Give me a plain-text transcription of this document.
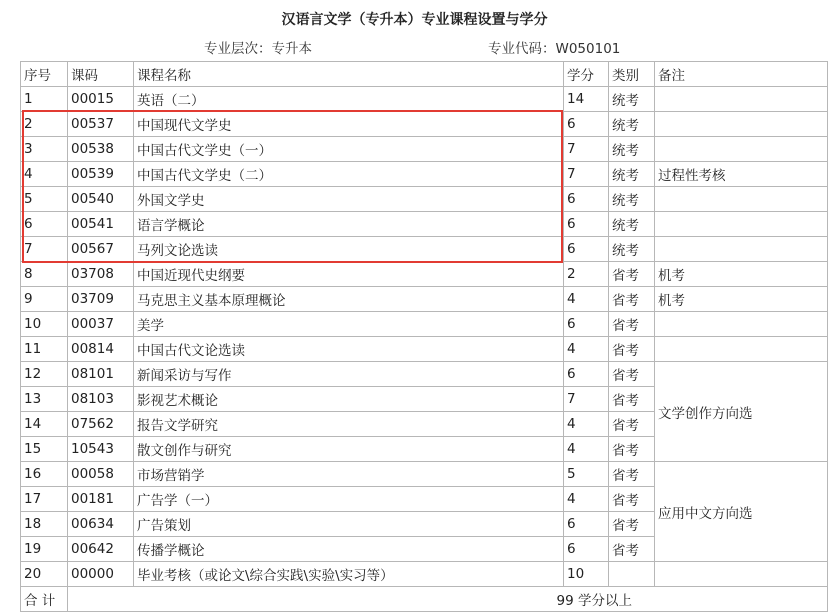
汉语言文学（专升本）专业课程设置与学分
专业层次：专升本	专业代码：W050101
序号	课码	课程名称	学分	类别	备注
1	00015	英语（二）	14	统考	
2	00537	中国现代文学史	6	统考	
3	00538	中国古代文学史（一）	7	统考	
4	00539	中国古代文学史（二）	7	统考	过程性考核
5	00540	外国文学史	6	统考	
6	00541	语言学概论	6	统考	
7	00567	马列文论选读	6	统考	
8	03708	中国近现代史纲要	2	省考	机考
9	03709	马克思主义基本原理概论	4	省考	机考
10	00037	美学	6	省考	
11	00814	中国古代文论选读	4	省考	
12	08101	新闻采访与写作	6	省考	文学创作方向选
13	08103	影视艺术概论	7	省考
14	07562	报告文学研究	4	省考
15	10543	散文创作与研究	4	省考
16	00058	市场营销学	5	省考	应用中文方向选
17	00181	广告学（一）	4	省考
18	00634	广告策划	6	省考
19	00642	传播学概论	6	省考
20	00000	毕业考核（或论文\综合实践\实验\实习等）	10		
合 计		99 学分以上
